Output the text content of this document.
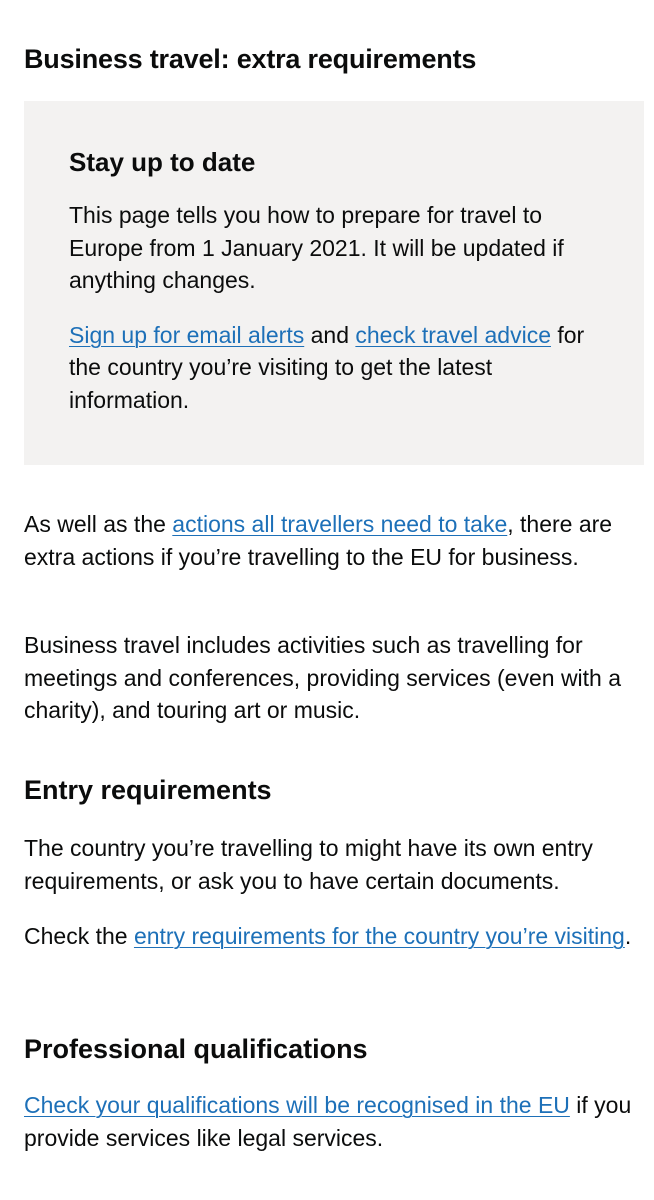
Business travel: extra requirements
Stay up to date

This page tells you how to prepare for travel to Europe from 1 January 2021. It will be updated if anything changes.

Sign up for email alerts and check travel advice for the country you’re visiting to get the latest information.

As well as the actions all travellers need to take, there are extra actions if you’re travelling to the EU for business.

Business travel includes activities such as travelling for meetings and conferences, providing services (even with a charity), and touring art or music.

Entry requirements

The country you’re travelling to might have its own entry requirements, or ask you to have certain documents.

Check the entry requirements for the country you’re visiting.

Professional qualifications

Check your qualifications will be recognised in the EU if you provide services like legal services.
